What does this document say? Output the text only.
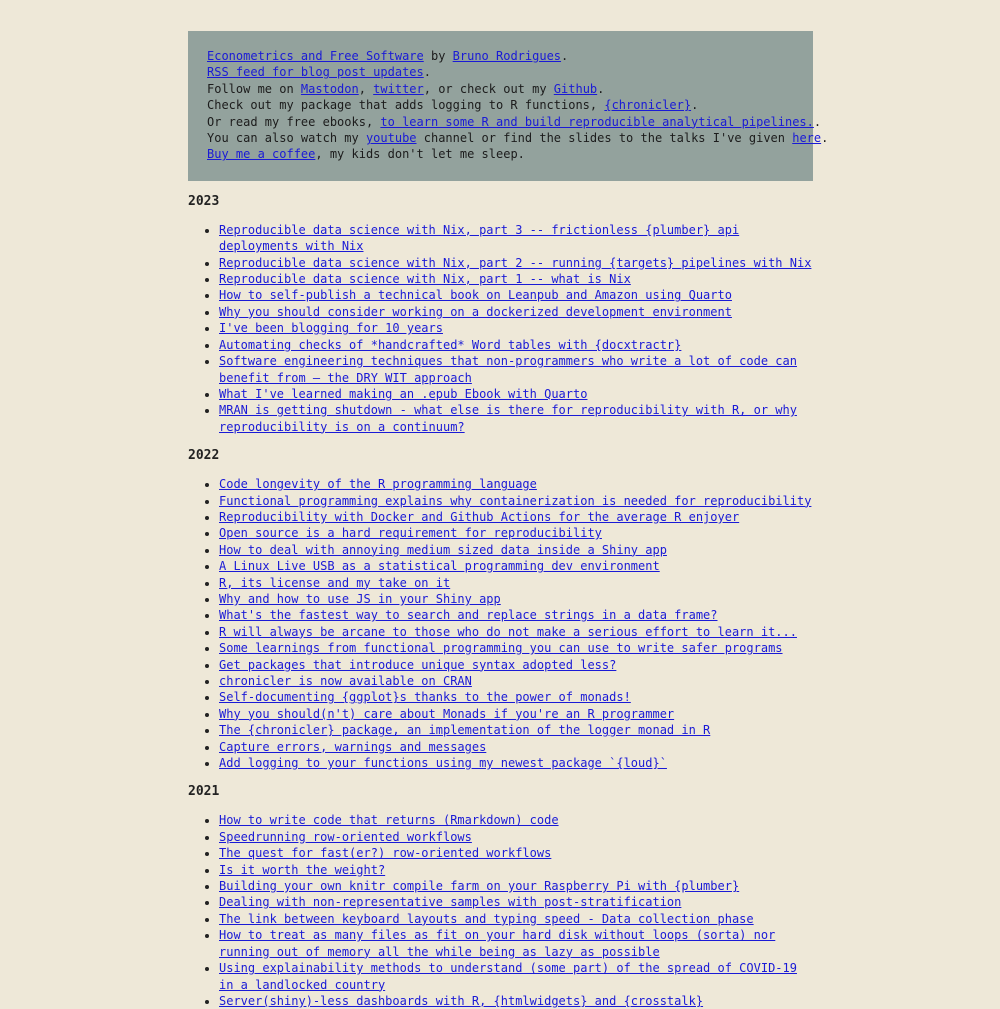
Econometrics and Free Software by Bruno Rodrigues.
RSS feed for blog post updates.
Follow me on Mastodon, twitter, or check out my Github.
Check out my package that adds logging to R functions, {chronicler}.
Or read my free ebooks, to learn some R and build reproducible analytical pipelines..
You can also watch my youtube channel or find the slides to the talks I've given here.
Buy me a coffee, my kids don't let me sleep.
2023
• Reproducible data science with Nix, part 3 -- frictionless {plumber} api deployments with Nix
• Reproducible data science with Nix, part 2 -- running {targets} pipelines with Nix
• Reproducible data science with Nix, part 1 -- what is Nix
• How to self-publish a technical book on Leanpub and Amazon using Quarto
• Why you should consider working on a dockerized development environment
• I've been blogging for 10 years
• Automating checks of *handcrafted* Word tables with {docxtractr}
• Software engineering techniques that non-programmers who write a lot of code can benefit from — the DRY WIT approach
• What I've learned making an .epub Ebook with Quarto
• MRAN is getting shutdown - what else is there for reproducibility with R, or why reproducibility is on a continuum?
2022
• Code longevity of the R programming language
• Functional programming explains why containerization is needed for reproducibility
• Reproducibility with Docker and Github Actions for the average R enjoyer
• Open source is a hard requirement for reproducibility
• How to deal with annoying medium sized data inside a Shiny app
• A Linux Live USB as a statistical programming dev environment
• R, its license and my take on it
• Why and how to use JS in your Shiny app
• What's the fastest way to search and replace strings in a data frame?
• R will always be arcane to those who do not make a serious effort to learn it...
• Some learnings from functional programming you can use to write safer programs
• Get packages that introduce unique syntax adopted less?
• chronicler is now available on CRAN
• Self-documenting {ggplot}s thanks to the power of monads!
• Why you should(n't) care about Monads if you're an R programmer
• The {chronicler} package, an implementation of the logger monad in R
• Capture errors, warnings and messages
• Add logging to your functions using my newest package `{loud}`
2021
• How to write code that returns (Rmarkdown) code
• Speedrunning row-oriented workflows
• The quest for fast(er?) row-oriented workflows
• Is it worth the weight?
• Building your own knitr compile farm on your Raspberry Pi with {plumber}
• Dealing with non-representative samples with post-stratification
• The link between keyboard layouts and typing speed - Data collection phase
• How to treat as many files as fit on your hard disk without loops (sorta) nor running out of memory all the while being as lazy as possible
• Using explainability methods to understand (some part) of the spread of COVID-19 in a landlocked country
• Server(shiny)-less dashboards with R, {htmlwidgets} and {crosstalk}
